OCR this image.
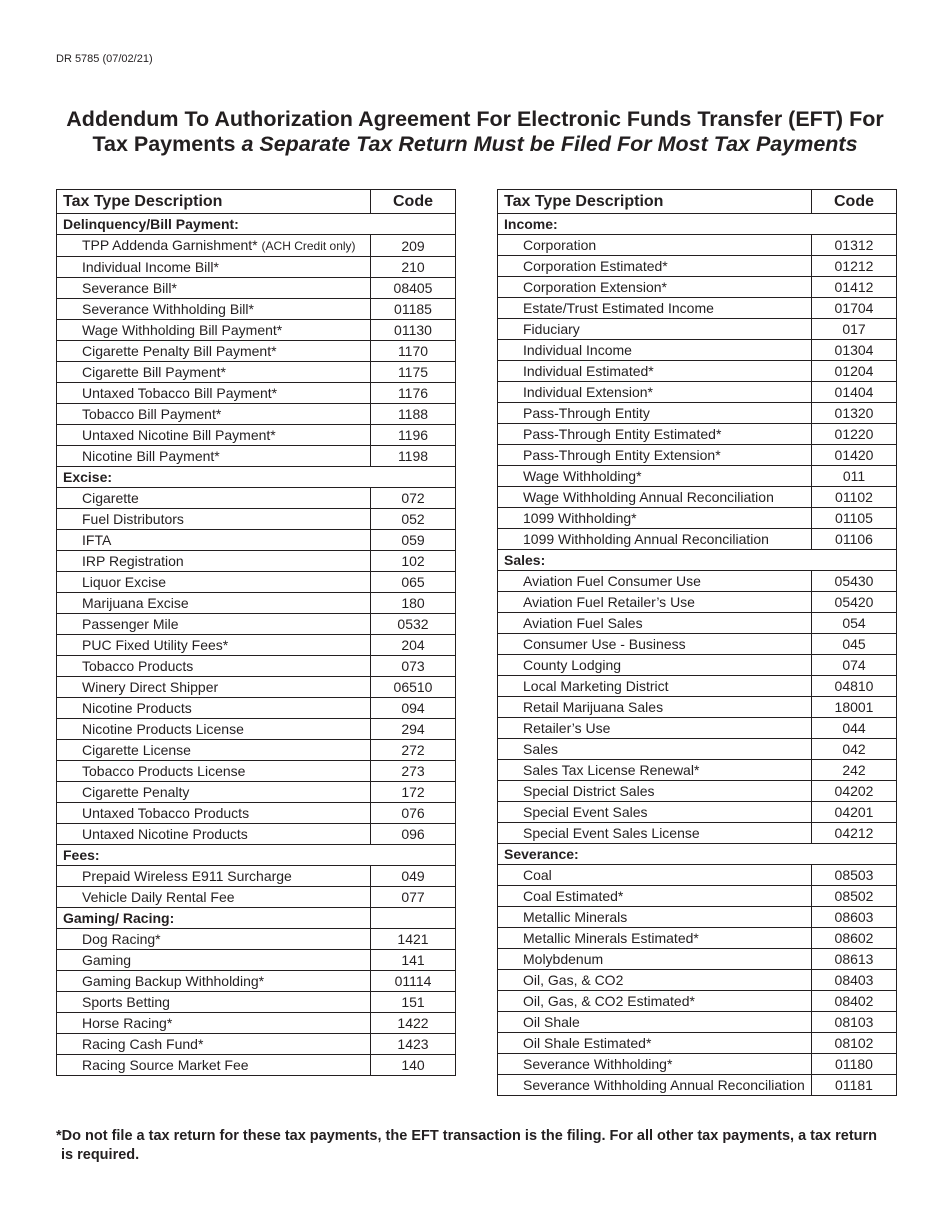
DR 5785 (07/02/21)
Addendum To Authorization Agreement For Electronic Funds Transfer (EFT) For
Tax Payments a Separate Tax Return Must be Filed For Most Tax Payments
Tax Type Description	Code
Delinquency/Bill Payment:	
TPP Addenda Garnishment* (ACH Credit only)	209
Individual Income Bill*	210
Severance Bill*	08405
Severance Withholding Bill*	01185
Wage Withholding Bill Payment*	01130
Cigarette Penalty Bill Payment*	1170
Cigarette Bill Payment*	1175
Untaxed Tobacco Bill Payment*	1176
Tobacco Bill Payment*	1188
Untaxed Nicotine Bill Payment*	1196
Nicotine Bill Payment*	1198
Excise:	
Cigarette	072
Fuel Distributors	052
IFTA	059
IRP Registration	102
Liquor Excise	065
Marijuana Excise	180
Passenger Mile	0532
PUC Fixed Utility Fees*	204
Tobacco Products	073
Winery Direct Shipper	06510
Nicotine Products	094
Nicotine Products License	294
Cigarette License	272
Tobacco Products License	273
Cigarette Penalty	172
Untaxed Tobacco Products	076
Untaxed Nicotine Products	096
Fees:	
Prepaid Wireless E911 Surcharge	049
Vehicle Daily Rental Fee	077
Gaming/ Racing:	
Dog Racing*	1421
Gaming	141
Gaming Backup Withholding*	01114
Sports Betting	151
Horse Racing*	1422
Racing Cash Fund*	1423
Racing Source Market Fee	140
Tax Type Description	Code
Income:	
Corporation	01312
Corporation Estimated*	01212
Corporation Extension*	01412
Estate/Trust Estimated Income	01704
Fiduciary	017
Individual Income	01304
Individual Estimated*	01204
Individual Extension*	01404
Pass-Through Entity	01320
Pass-Through Entity Estimated*	01220
Pass-Through Entity Extension*	01420
Wage Withholding*	011
Wage Withholding Annual Reconciliation	01102
1099 Withholding*	01105
1099 Withholding Annual Reconciliation	01106
Sales:	
Aviation Fuel Consumer Use	05430
Aviation Fuel Retailer’s Use	05420
Aviation Fuel Sales	054
Consumer Use - Business	045
County Lodging	074
Local Marketing District	04810
Retail Marijuana Sales	18001
Retailer’s Use	044
Sales	042
Sales Tax License Renewal*	242
Special District Sales	04202
Special Event Sales	04201
Special Event Sales License	04212
Severance:	
Coal	08503
Coal Estimated*	08502
Metallic Minerals	08603
Metallic Minerals Estimated*	08602
Molybdenum	08613
Oil, Gas, & CO2	08403
Oil, Gas, & CO2 Estimated*	08402
Oil Shale	08103
Oil Shale Estimated*	08102
Severance Withholding*	01180
Severance Withholding Annual Reconciliation	01181
*Do not file a tax return for these tax payments, the EFT transaction is the filing. For all other tax payments, a tax return
is required.
